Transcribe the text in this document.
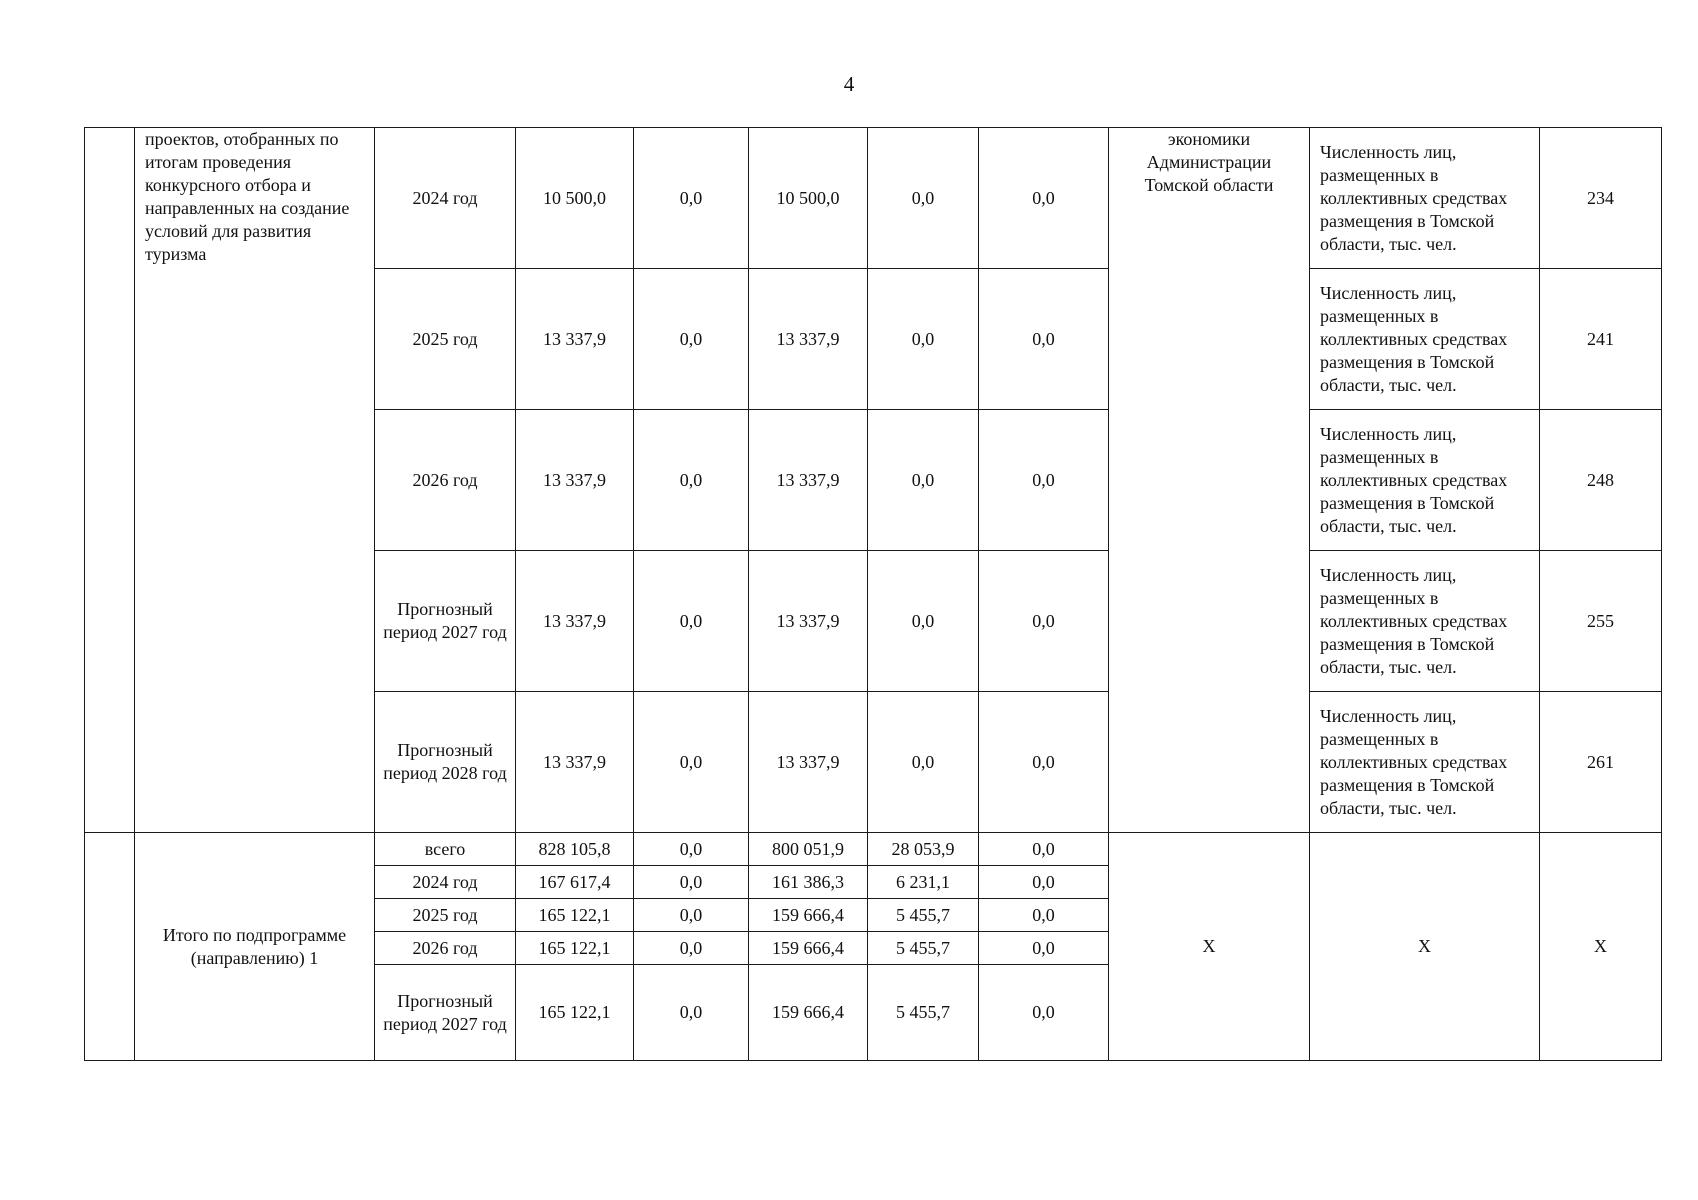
4
	проектов, отобранных по итогам проведения конкурсного отбора и направленных на создание условий для развития туризма	2024 год	10 500,0	0,0	10 500,0	0,0	0,0	экономики Администрации Томской области	Численность лиц, размещенных в коллективных средствах размещения в Томской области, тыс. чел.	234
		2025 год	13 337,9	0,0	13 337,9	0,0	0,0		Численность лиц, размещенных в коллективных средствах размещения в Томской области, тыс. чел.	241
		2026 год	13 337,9	0,0	13 337,9	0,0	0,0		Численность лиц, размещенных в коллективных средствах размещения в Томской области, тыс. чел.	248
		Прогнозный период 2027 год	13 337,9	0,0	13 337,9	0,0	0,0		Численность лиц, размещенных в коллективных средствах размещения в Томской области, тыс. чел.	255
		Прогнозный период 2028 год	13 337,9	0,0	13 337,9	0,0	0,0		Численность лиц, размещенных в коллективных средствах размещения в Томской области, тыс. чел.	261
	Итого по подпрограмме (направлению) 1	всего	828 105,8	0,0	800 051,9	28 053,9	0,0	Х	Х	Х
		2024 год	167 617,4	0,0	161 386,3	6 231,1	0,0			
		2025 год	165 122,1	0,0	159 666,4	5 455,7	0,0			
		2026 год	165 122,1	0,0	159 666,4	5 455,7	0,0			
		Прогнозный период 2027 год	165 122,1	0,0	159 666,4	5 455,7	0,0			
